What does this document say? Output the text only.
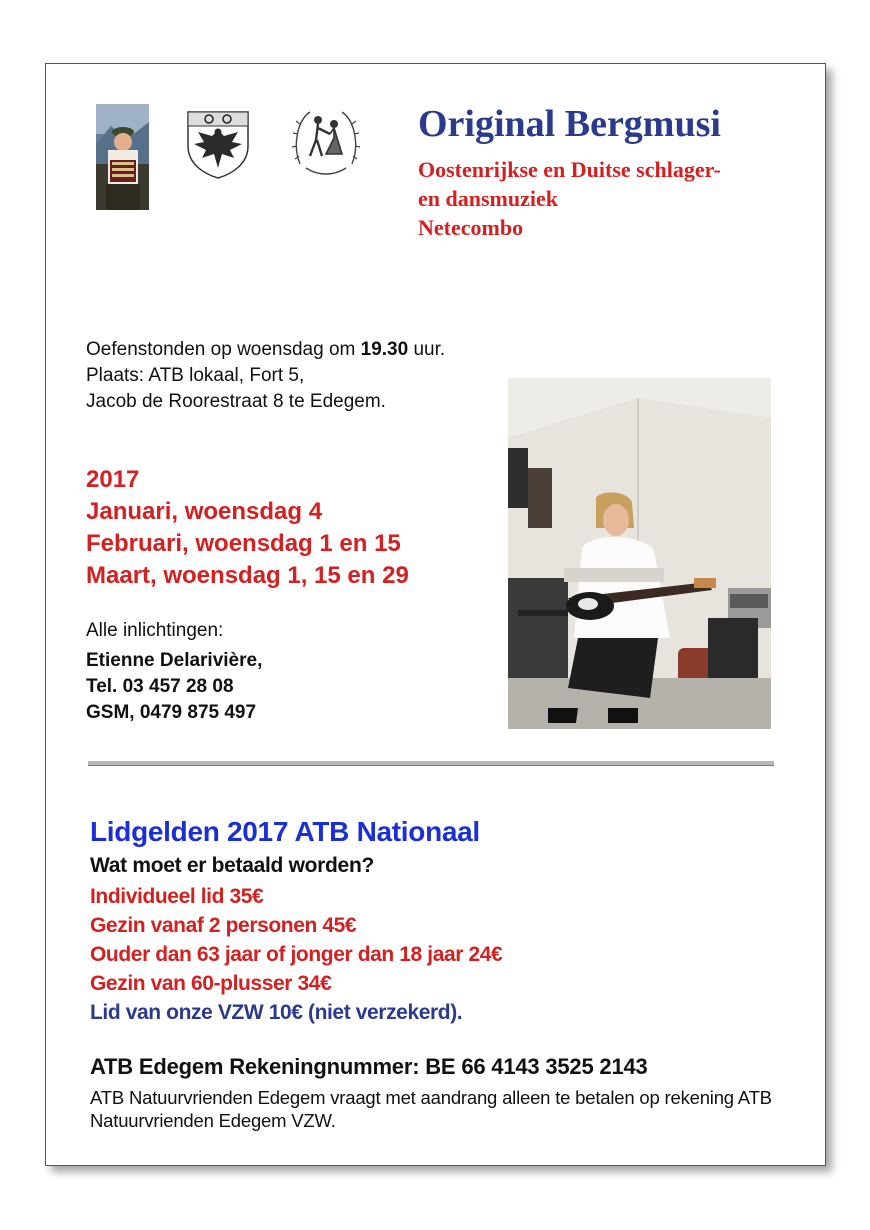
Original Bergmusi
Oostenrijkse en Duitse schlager-
en dansmuziek
Netecombo
Oefenstonden op woensdag om 19.30 uur.
Plaats: ATB lokaal, Fort 5,
Jacob de Roorestraat 8 te Edegem.
2017
Januari, woensdag 4
Februari, woensdag 1 en 15
Maart, woensdag 1, 15 en 29
Alle inlichtingen:
Etienne Delarivière,
Tel. 03 457 28 08
GSM, 0479 875 497
Lidgelden 2017 ATB Nationaal
Wat moet er betaald worden?
Individueel lid 35€
Gezin vanaf 2 personen 45€
Ouder dan 63 jaar of jonger dan 18 jaar 24€
Gezin van 60-plusser 34€
Lid van onze VZW 10€ (niet verzekerd).
ATB Edegem Rekeningnummer: BE 66 4143 3525 2143
ATB Natuurvrienden Edegem vraagt met aandrang alleen te betalen op rekening ATB Natuurvrienden Edegem VZW.
